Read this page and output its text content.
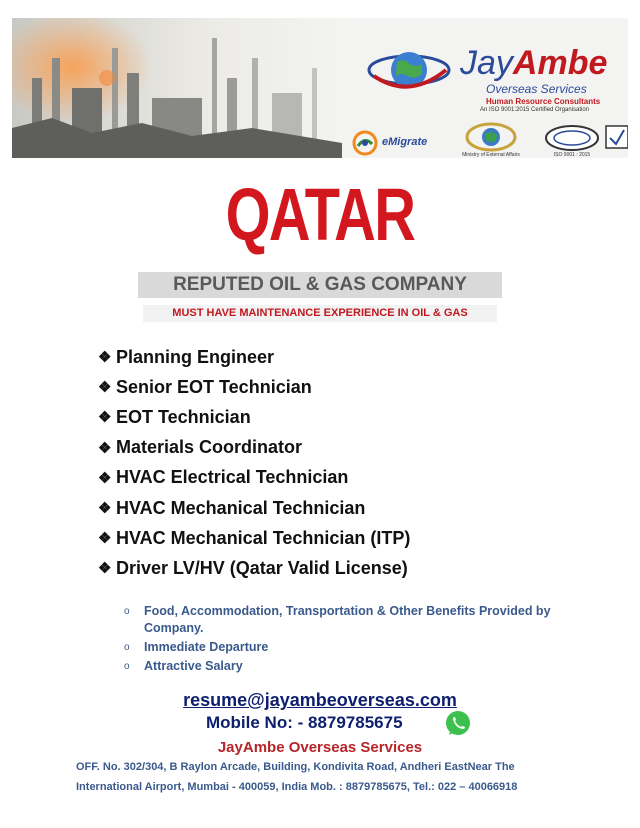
JayAmbe
Overseas Services
Human Resource Consultants
An ISO 9001:2015 Certified Organisation
eMigrate
Ministry of External Affairs	ISO 9001 : 2015
QATAR
REPUTED OIL & GAS COMPANY
MUST HAVE MAINTENANCE EXPERIENCE IN OIL & GAS
❖ Planning Engineer
❖ Senior EOT Technician
❖ EOT Technician
❖ Materials Coordinator
❖ HVAC Electrical Technician
❖ HVAC Mechanical Technician
❖ HVAC Mechanical Technician (ITP)
❖ Driver LV/HV (Qatar Valid License)
o Food, Accommodation, Transportation & Other Benefits Provided by Company.
o Immediate Departure
o Attractive Salary
resume@jayambeoverseas.com
Mobile No: - 8879785675
JayAmbe Overseas Services
OFF. No. 302/304, B Raylon Arcade, Building, Kondivita Road, Andheri EastNear The International Airport, Mumbai - 400059, India Mob. : 8879785675, Tel.: 022 – 40066918
